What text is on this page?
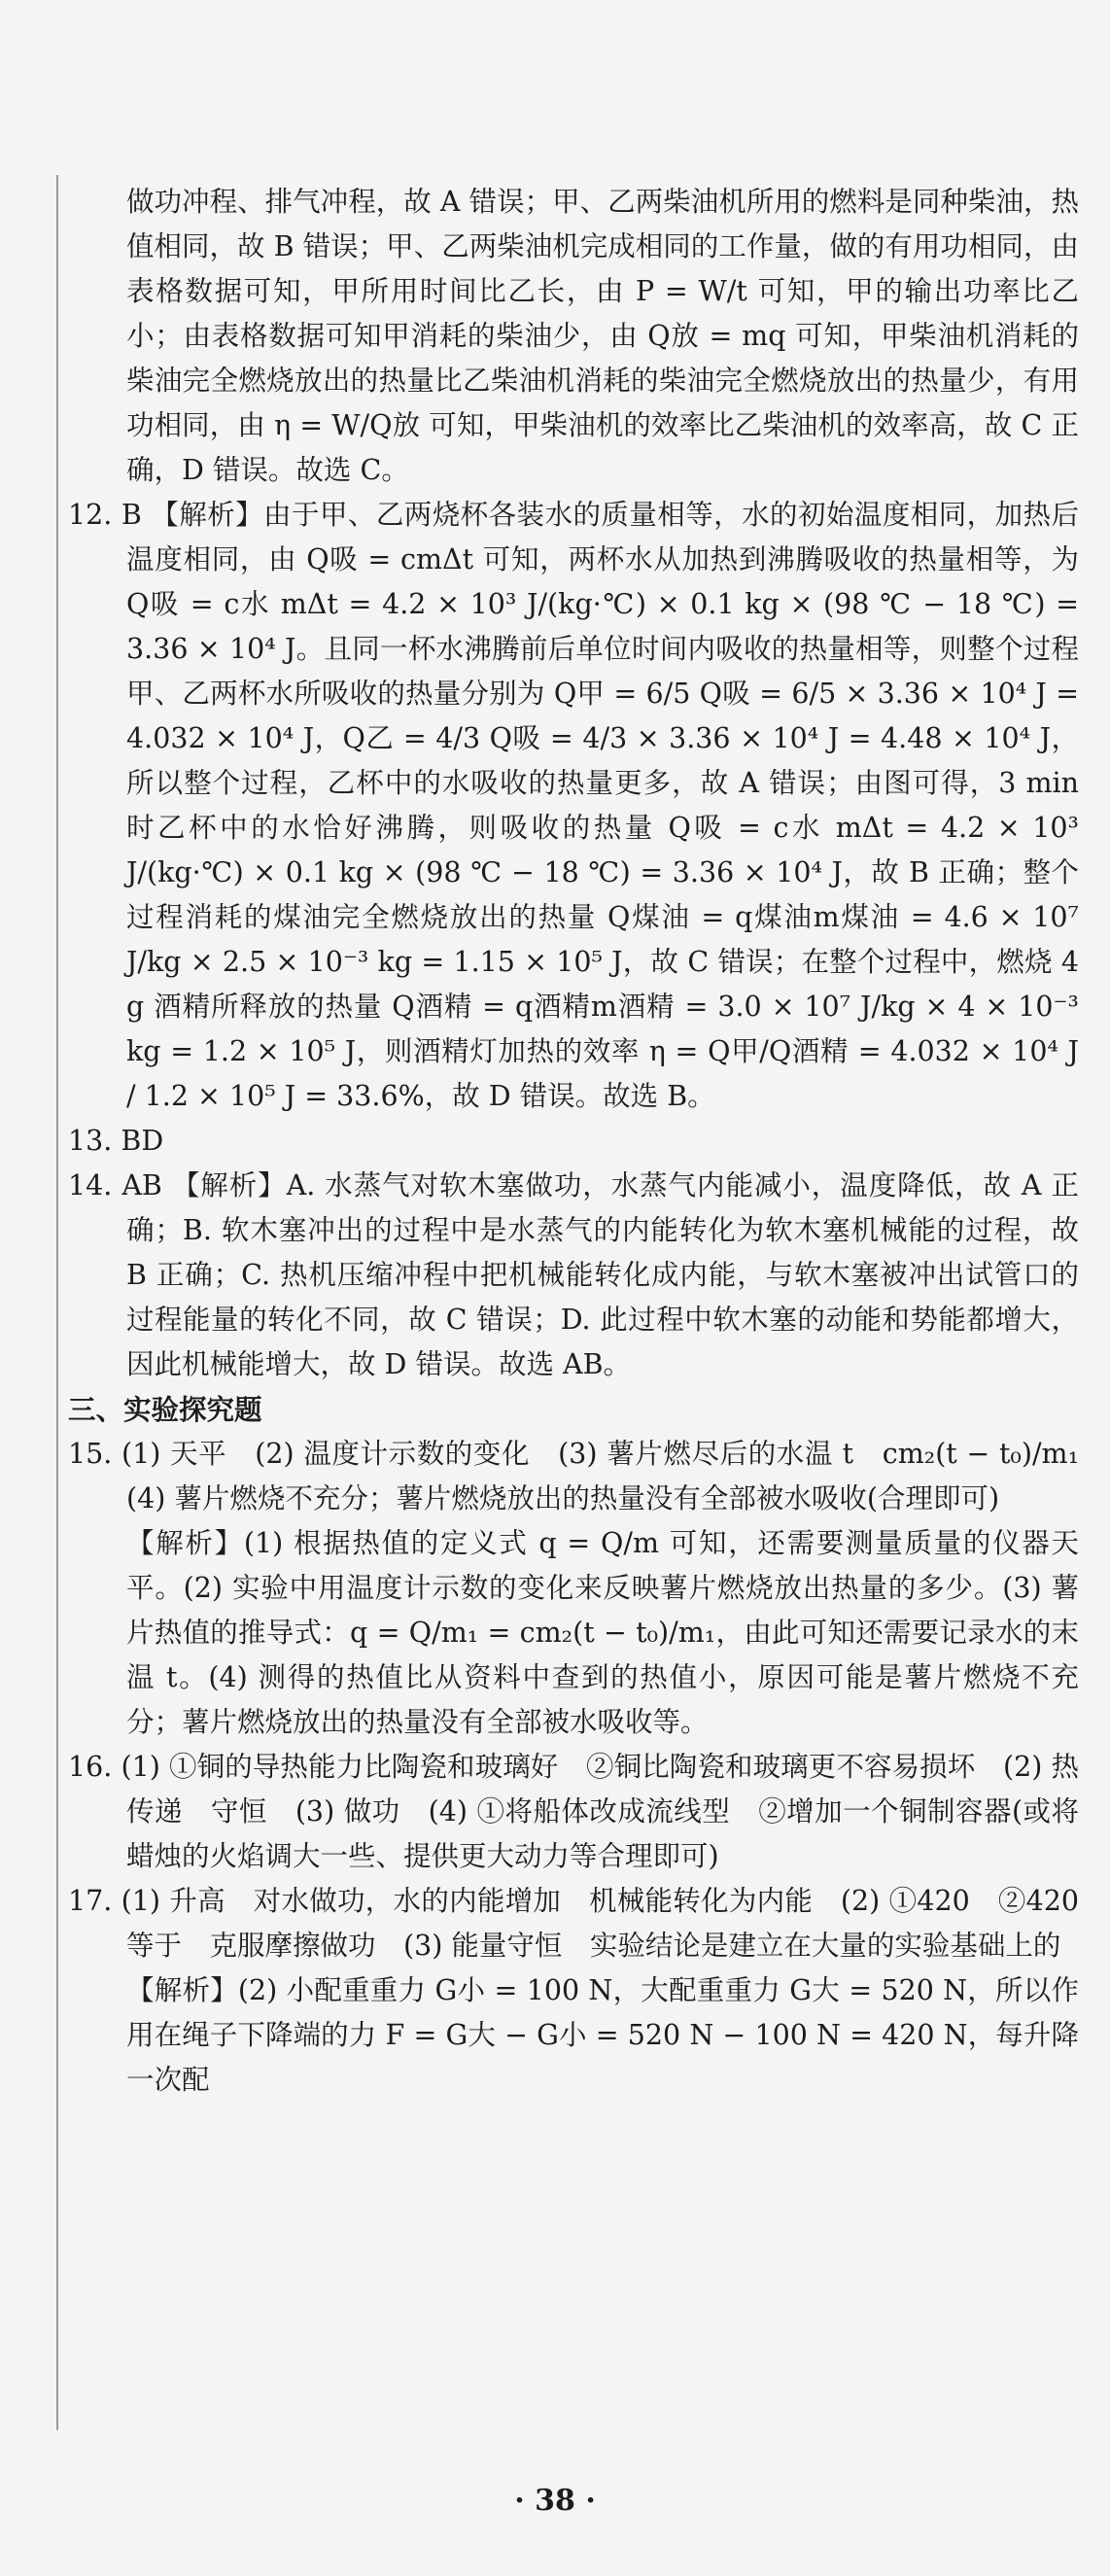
做功冲程、排气冲程，故 A 错误；甲、乙两柴油机所用的燃料是同种柴油，热值相同，故 B 错误；甲、乙两柴油机完成相同的工作量，做的有用功相同，由表格数据可知，甲所用时间比乙长，由 P = W/t 可知，甲的输出功率比乙小；由表格数据可知甲消耗的柴油少，由 Q放 = mq 可知，甲柴油机消耗的柴油完全燃烧放出的热量比乙柴油机消耗的柴油完全燃烧放出的热量少，有用功相同，由 η = W/Q放 可知，甲柴油机的效率比乙柴油机的效率高，故 C 正确，D 错误。故选 C。

12. B 【解析】由于甲、乙两烧杯各装水的质量相等，水的初始温度相同，加热后温度相同，由 Q吸 = cmΔt 可知，两杯水从加热到沸腾吸收的热量相等，为 Q吸 = c水 mΔt = 4.2 × 10³ J/(kg·℃) × 0.1 kg × (98 ℃ − 18 ℃) = 3.36 × 10⁴ J。且同一杯水沸腾前后单位时间内吸收的热量相等，则整个过程甲、乙两杯水所吸收的热量分别为 Q甲 = 6/5 Q吸 = 6/5 × 3.36 × 10⁴ J = 4.032 × 10⁴ J，Q乙 = 4/3 Q吸 = 4/3 × 3.36 × 10⁴ J = 4.48 × 10⁴ J，所以整个过程，乙杯中的水吸收的热量更多，故 A 错误；由图可得，3 min 时乙杯中的水恰好沸腾，则吸收的热量 Q吸 = c水 mΔt = 4.2 × 10³ J/(kg·℃) × 0.1 kg × (98 ℃ − 18 ℃) = 3.36 × 10⁴ J，故 B 正确；整个过程消耗的煤油完全燃烧放出的热量 Q煤油 = q煤油m煤油 = 4.6 × 10⁷ J/kg × 2.5 × 10⁻³ kg = 1.15 × 10⁵ J，故 C 错误；在整个过程中，燃烧 4 g 酒精所释放的热量 Q酒精 = q酒精m酒精 = 3.0 × 10⁷ J/kg × 4 × 10⁻³ kg = 1.2 × 10⁵ J，则酒精灯加热的效率 η = Q甲/Q酒精 = 4.032 × 10⁴ J / 1.2 × 10⁵ J = 33.6%，故 D 错误。故选 B。

13. BD

14. AB 【解析】A. 水蒸气对软木塞做功，水蒸气内能减小，温度降低，故 A 正确；B. 软木塞冲出的过程中是水蒸气的内能转化为软木塞机械能的过程，故 B 正确；C. 热机压缩冲程中把机械能转化成内能，与软木塞被冲出试管口的过程能量的转化不同，故 C 错误；D. 此过程中软木塞的动能和势能都增大，因此机械能增大，故 D 错误。故选 AB。

三、实验探究题

15. (1) 天平　(2) 温度计示数的变化　(3) 薯片燃尽后的水温 t　cm₂(t − t₀)/m₁　(4) 薯片燃烧不充分；薯片燃烧放出的热量没有全部被水吸收(合理即可)

【解析】(1) 根据热值的定义式 q = Q/m 可知，还需要测量质量的仪器天平。(2) 实验中用温度计示数的变化来反映薯片燃烧放出热量的多少。(3) 薯片热值的推导式：q = Q/m₁ = cm₂(t − t₀)/m₁，由此可知还需要记录水的末温 t。(4) 测得的热值比从资料中查到的热值小，原因可能是薯片燃烧不充分；薯片燃烧放出的热量没有全部被水吸收等。

16. (1) ①铜的导热能力比陶瓷和玻璃好　②铜比陶瓷和玻璃更不容易损坏　(2) 热传递　守恒　(3) 做功　(4) ①将船体改成流线型　②增加一个铜制容器(或将蜡烛的火焰调大一些、提供更大动力等合理即可)

17. (1) 升高　对水做功，水的内能增加　机械能转化为内能　(2) ①420　②420　等于　克服摩擦做功　(3) 能量守恒　实验结论是建立在大量的实验基础上的

【解析】(2) 小配重重力 G小 = 100 N，大配重重力 G大 = 520 N，所以作用在绳子下降端的力 F = G大 − G小 = 520 N − 100 N = 420 N，每升降一次配

· 38 ·
